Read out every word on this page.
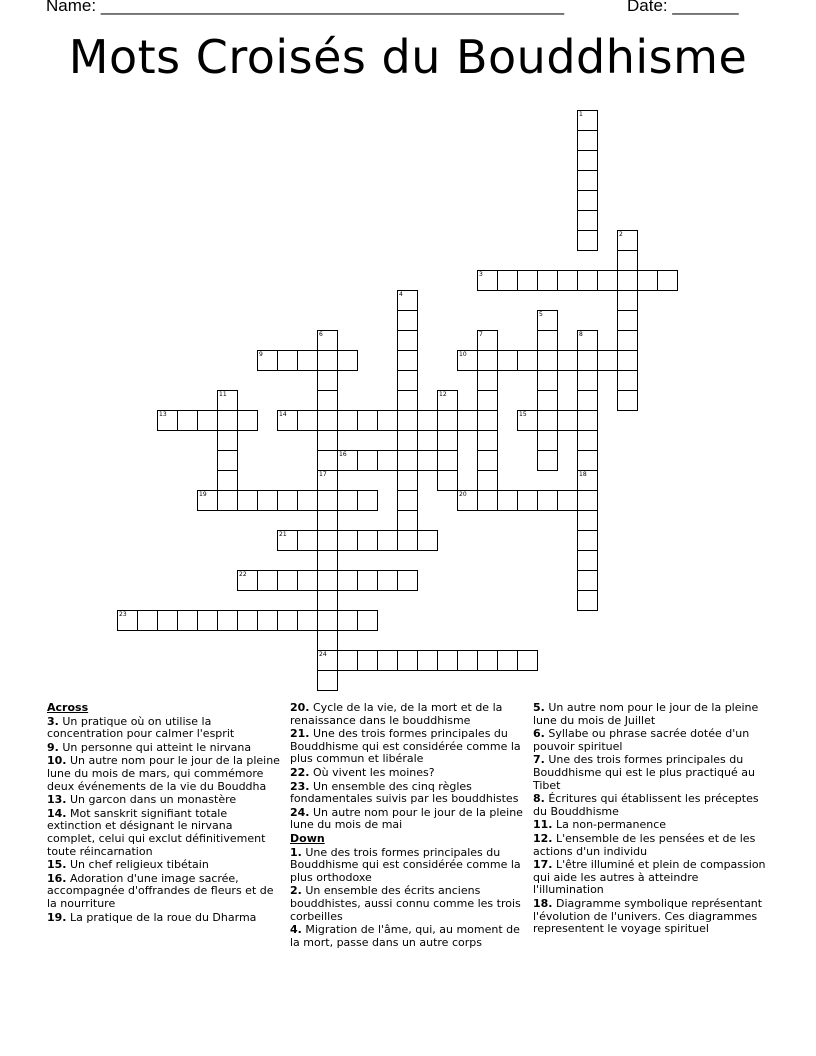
Name: _________________________________________________	Date: _______
Mots Croisés du Bouddhisme
1
2
3
4
5
6
17
24
7	8
18
9	10
11	12
13	14	15
16
19	20
21
22
23

Across

3. Un pratique où on utilise la concentration pour calmer l'esprit

9. Un personne qui atteint le nirvana

10. Un autre nom pour le jour de la pleine lune du mois de mars, qui commémore deux événements de la vie du Bouddha

13. Un garcon dans un monastère

14. Mot sanskrit signifiant totale extinction et désignant le nirvana complet, celui qui exclut définitivement toute réincarnation

15. Un chef religieux tibétain

16. Adoration d'une image sacrée, accompagnée d'offrandes de fleurs et de la nourriture

19. La pratique de la roue du Dharma

20. Cycle de la vie, de la mort et de la renaissance dans le bouddhisme

21. Une des trois formes principales du Bouddhisme qui est considérée comme la plus commun et libérale

22. Où vivent les moines?

23. Un ensemble des cinq règles fondamentales suivis par les bouddhistes

24. Un autre nom pour le jour de la pleine lune du mois de mai

Down

1. Une des trois formes principales du Bouddhisme qui est considérée comme la plus orthodoxe

2. Un ensemble des écrits anciens bouddhistes, aussi connu comme les trois corbeilles

4. Migration de l'âme, qui, au moment de la mort, passe dans un autre corps

5. Un autre nom pour le jour de la pleine lune du mois de Juillet

6. Syllabe ou phrase sacrée dotée d'un pouvoir spirituel

7. Une des trois formes principales du Bouddhisme qui est le plus practiqué au Tibet

8. Écritures qui établissent les préceptes du Bouddhisme

11. La non-permanence

12. L'ensemble de les pensées et de les actions d'un individu

17. L'être illuminé et plein de compassion qui aide les autres à atteindre l'illumination

18. Diagramme symbolique représentant l'évolution de l'univers. Ces diagrammes representent le voyage spirituel
